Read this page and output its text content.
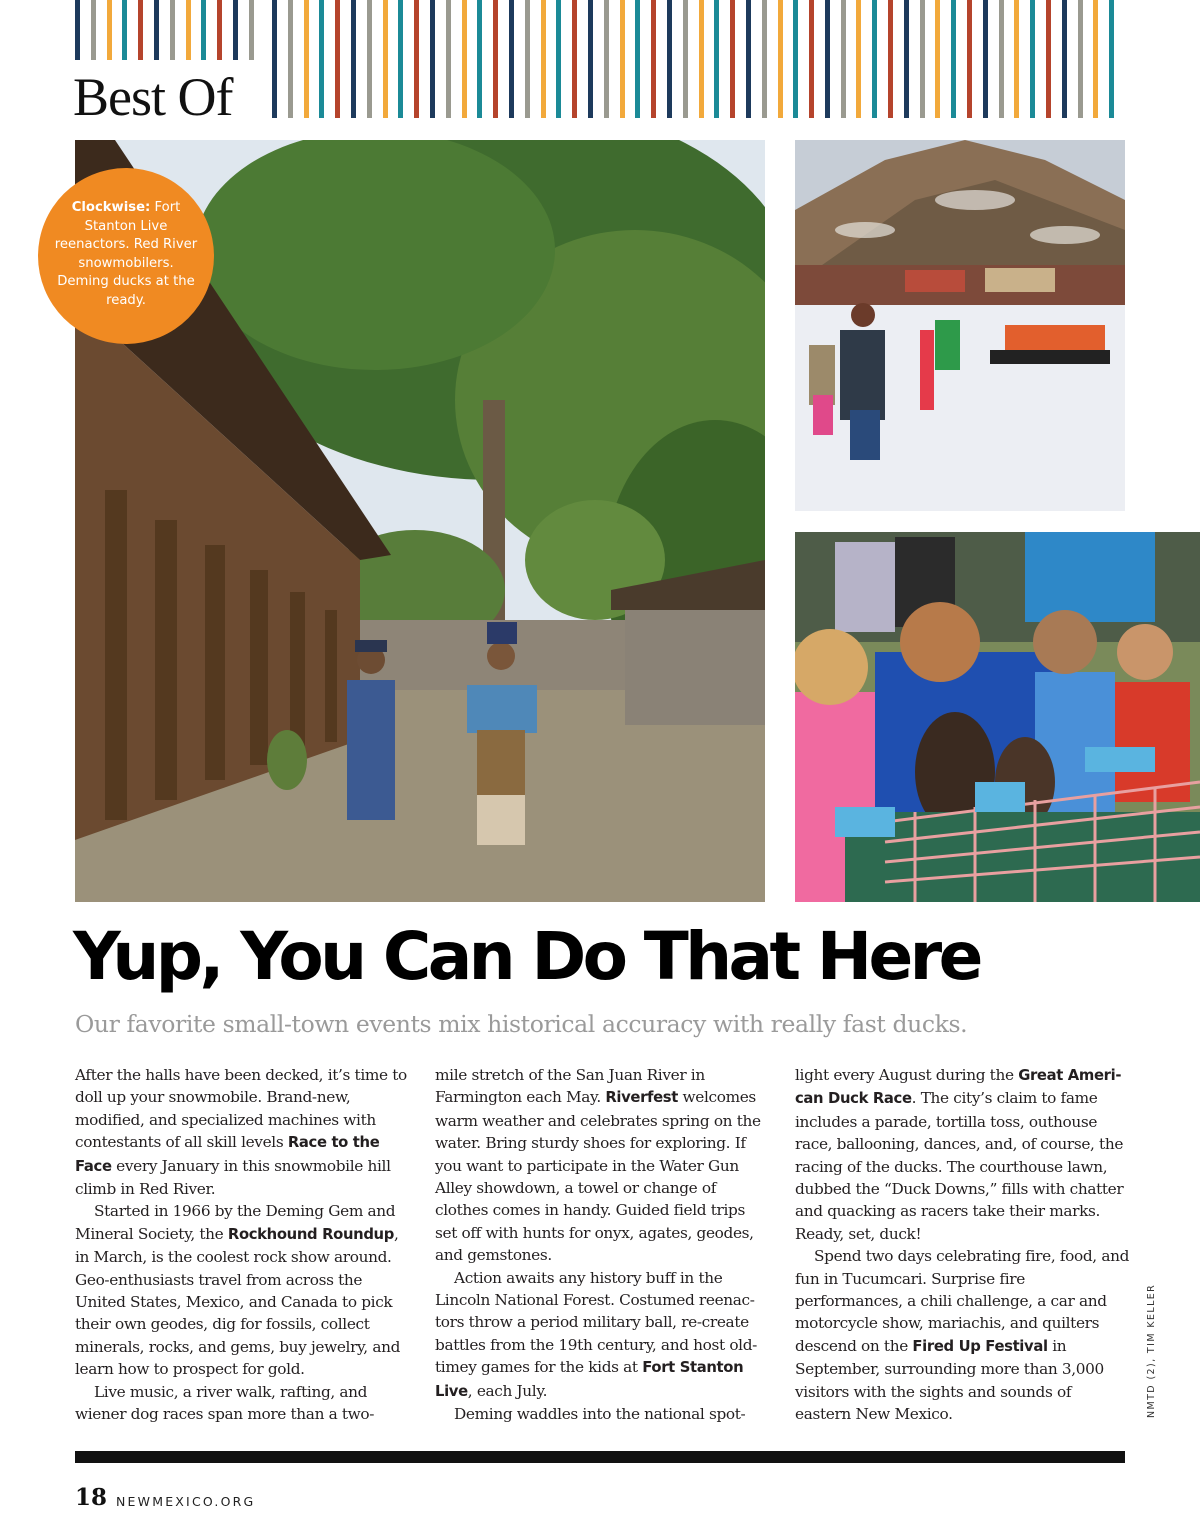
Best Of
Clockwise: Fort Stanton Live reenactors. Red River snowmobilers. Deming ducks at the ready.
Yup, You Can Do That Here

Our favorite small-town events mix historical accuracy with really fast ducks.

After the halls have been decked, it’s time to doll up your snowmobile. Brand-new, modified, and specialized machines with contestants of all skill levels Race to the Face every January in this snowmobile hill climb in Red River.

Started in 1966 by the Deming Gem and Mineral Society, the Rockhound Roundup, in March, is the coolest rock show around. Geo-enthusiasts travel from across the United States, Mexico, and Canada to pick their own geodes, dig for fossils, collect minerals, rocks, and gems, buy jewelry, and learn how to prospect for gold.

Live music, a river walk, rafting, and wiener dog races span more than a two-

mile stretch of the San Juan River in Farmington each May. Riverfest welcomes warm weather and celebrates spring on the water. Bring sturdy shoes for exploring. If you want to participate in the Water Gun Alley showdown, a towel or change of clothes comes in handy. Guided field trips set off with hunts for onyx, agates, geodes, and gemstones.

Action awaits any history buff in the Lincoln National Forest. Costumed reenactors throw a period military ball, re-create battles from the 19th century, and host old-timey games for the kids at Fort Stanton Live, each July.

Deming waddles into the national spot-

light every August during the Great American Duck Race. The city’s claim to fame includes a parade, tortilla toss, outhouse race, ballooning, dances, and, of course, the racing of the ducks. The courthouse lawn, dubbed the “Duck Downs,” fills with chatter and quacking as racers take their marks. Ready, set, duck!

Spend two days celebrating fire, food, and fun in Tucumcari. Surprise fire performances, a chili challenge, a car and motorcycle show, mariachis, and quilters descend on the Fired Up Festival in September, surrounding more than 3,000 visitors with the sights and sounds of eastern New Mexico.	NMTD (2), TIM KELLER
18 NEWMEXICO.ORG
